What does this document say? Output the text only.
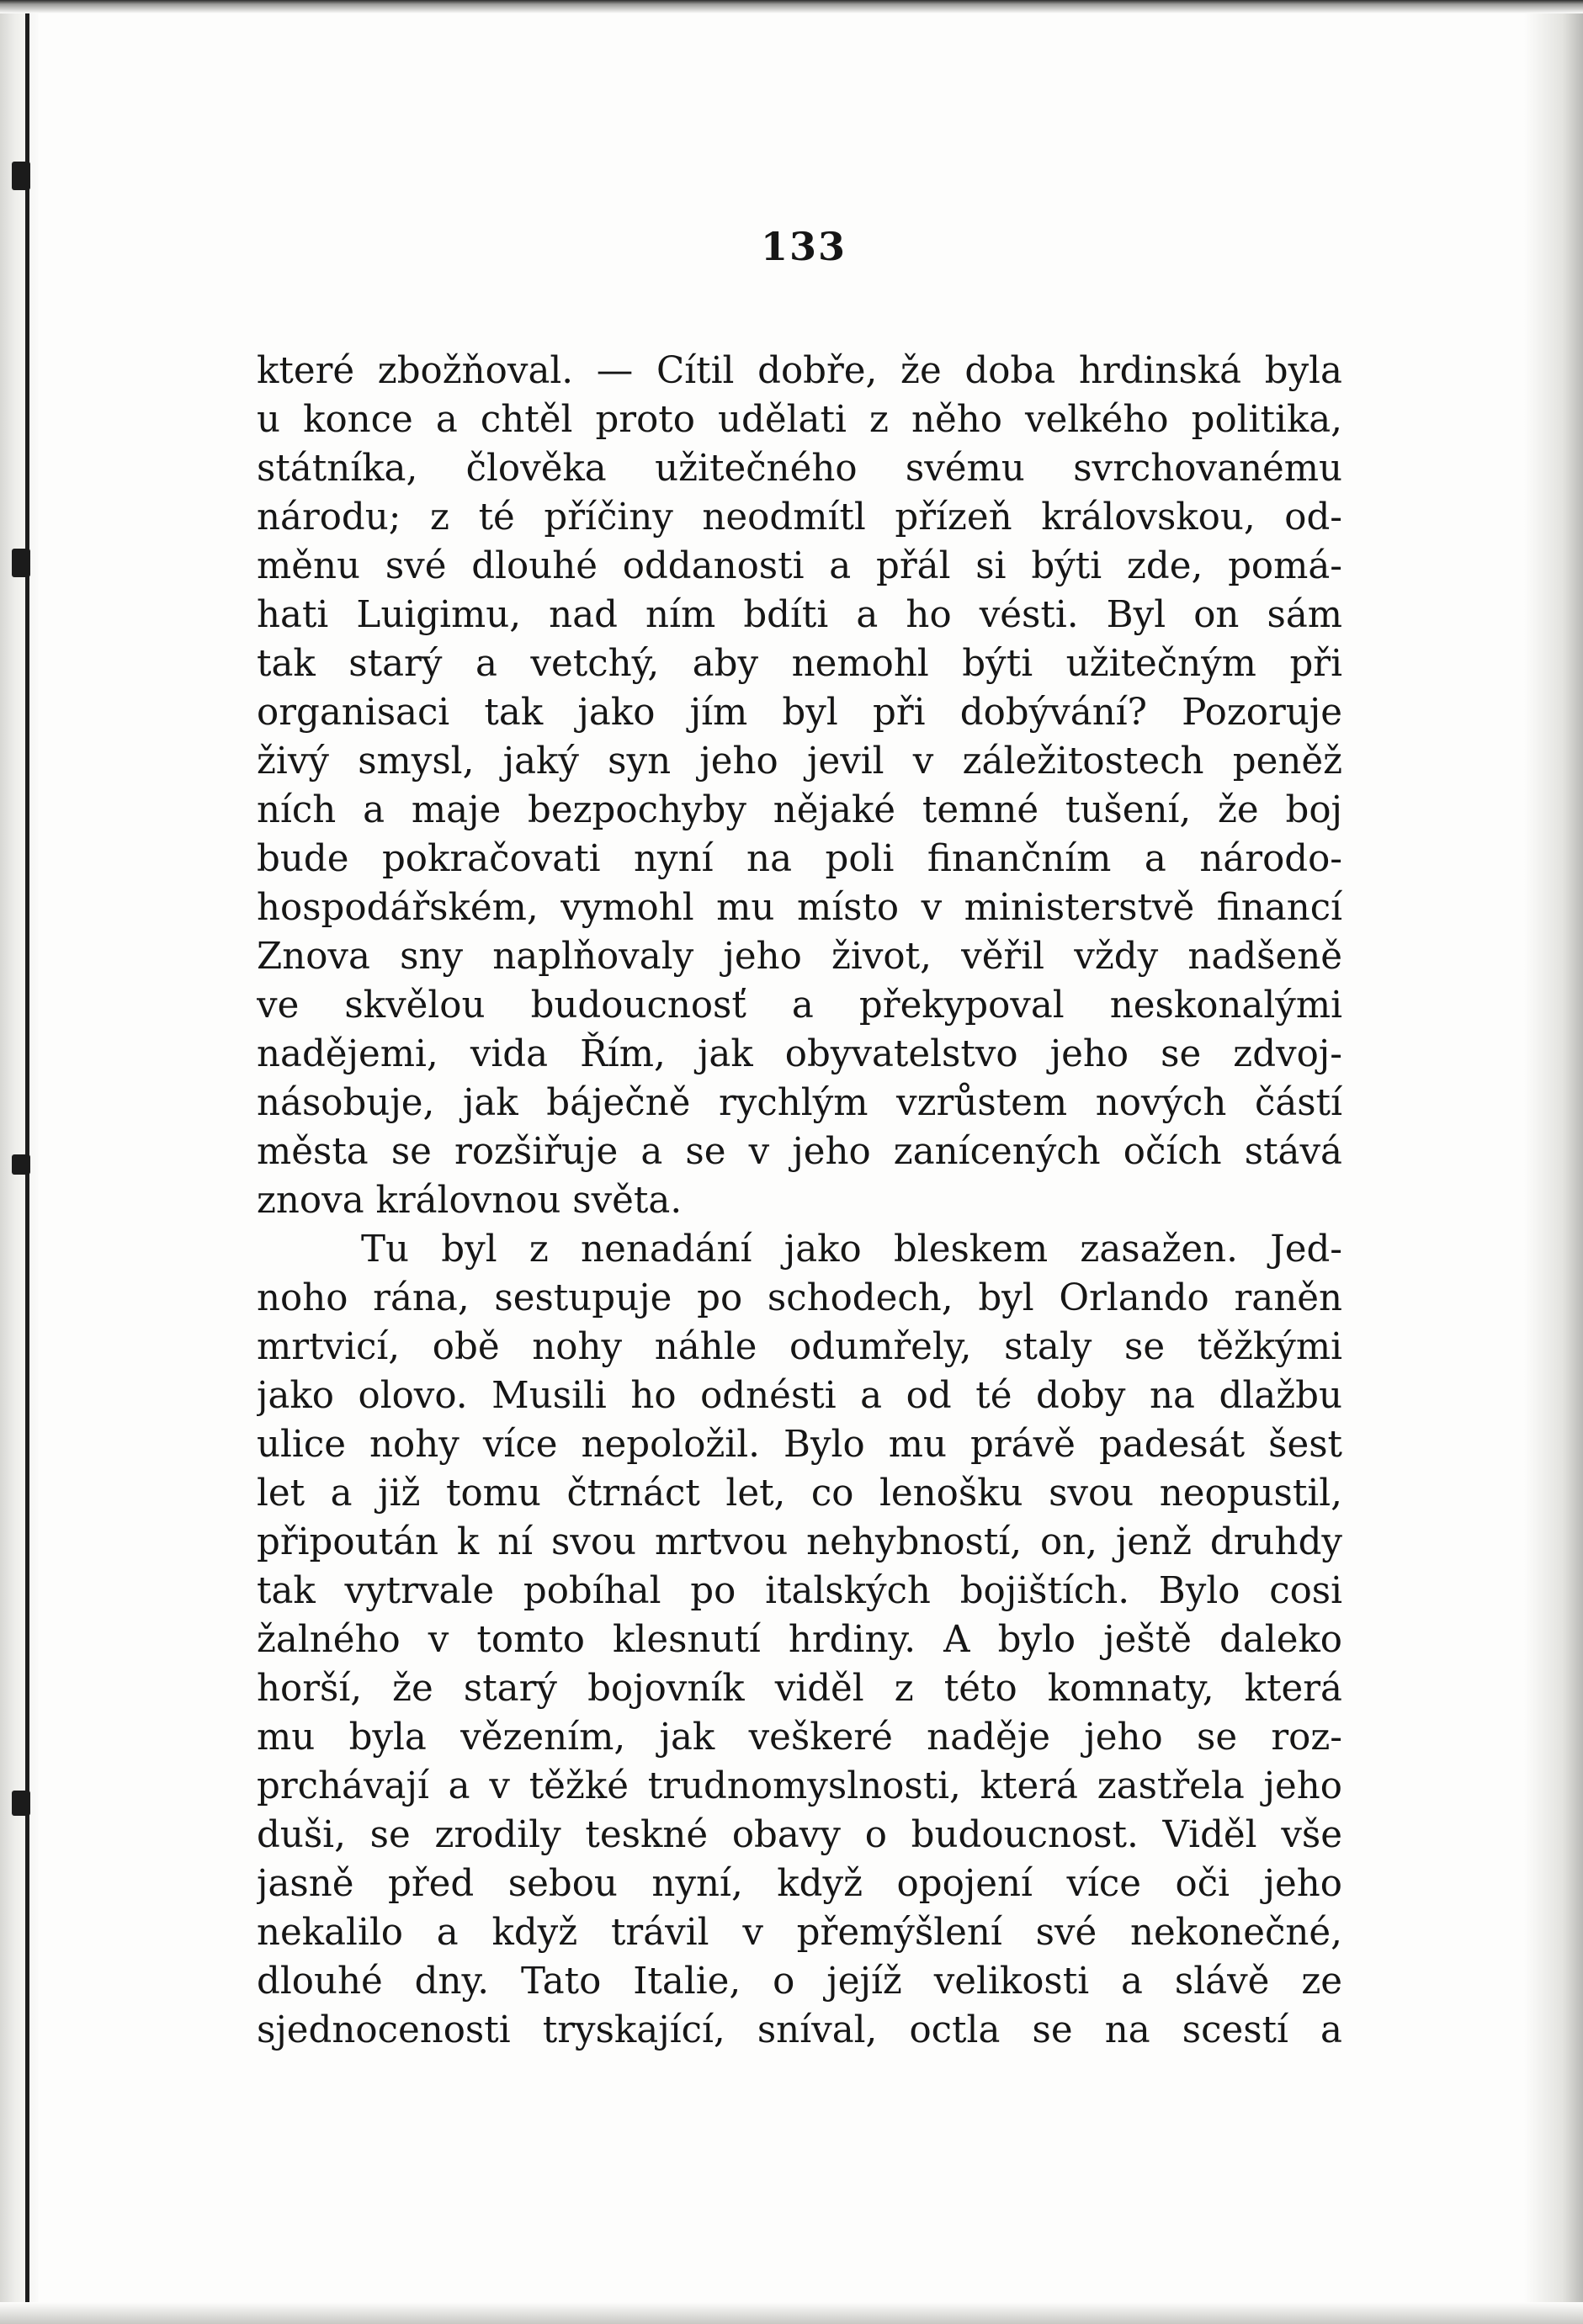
133
které zbožňoval. — Cítil dobře, že doba hrdinská byla
u konce a chtěl proto udělati z něho velkého politika,
státníka, člověka užitečného svému svrchovanému
národu; z té příčiny neodmítl přízeň královskou, od-
měnu své dlouhé oddanosti a přál si býti zde, pomá-
hati Luigimu, nad ním bdíti a ho vésti. Byl on sám
tak starý a vetchý, aby nemohl býti užitečným při
organisaci tak jako jím byl při dobývání? Pozoruje
živý smysl, jaký syn jeho jevil v záležitostech peněž
ních a maje bezpochyby nějaké temné tušení, že boj
bude pokračovati nyní na poli finančním a národo-
hospodářském, vymohl mu místo v ministerstvě financí
Znova sny naplňovaly jeho život, věřil vždy nadšeně
ve skvělou budoucnosť a překypoval neskonalými
nadějemi, vida Řím, jak obyvatelstvo jeho se zdvoj-
násobuje, jak báječně rychlým vzrůstem nových částí
města se rozšiřuje a se v jeho zanícených očích stává
znova královnou světa.
Tu byl z nenadání jako bleskem zasažen. Jed-
noho rána, sestupuje po schodech, byl Orlando raněn
mrtvicí, obě nohy náhle odumřely, staly se těžkými
jako olovo. Musili ho odnésti a od té doby na dlažbu
ulice nohy více nepoložil. Bylo mu právě padesát šest
let a již tomu čtrnáct let, co lenošku svou neopustil,
připoután k ní svou mrtvou nehybností, on, jenž druhdy
tak vytrvale pobíhal po italských bojištích. Bylo cosi
žalného v tomto klesnutí hrdiny. A bylo ještě daleko
horší, že starý bojovník viděl z této komnaty, která
mu byla vězením, jak veškeré naděje jeho se roz-
prchávají a v těžké trudnomyslnosti, která zastřela jeho
duši, se zrodily teskné obavy o budoucnost. Viděl vše
jasně před sebou nyní, když opojení více oči jeho
nekalilo a když trávil v přemýšlení své nekonečné,
dlouhé dny. Tato Italie, o jejíž velikosti a slávě ze
sjednocenosti tryskající, sníval, octla se na scestí a
